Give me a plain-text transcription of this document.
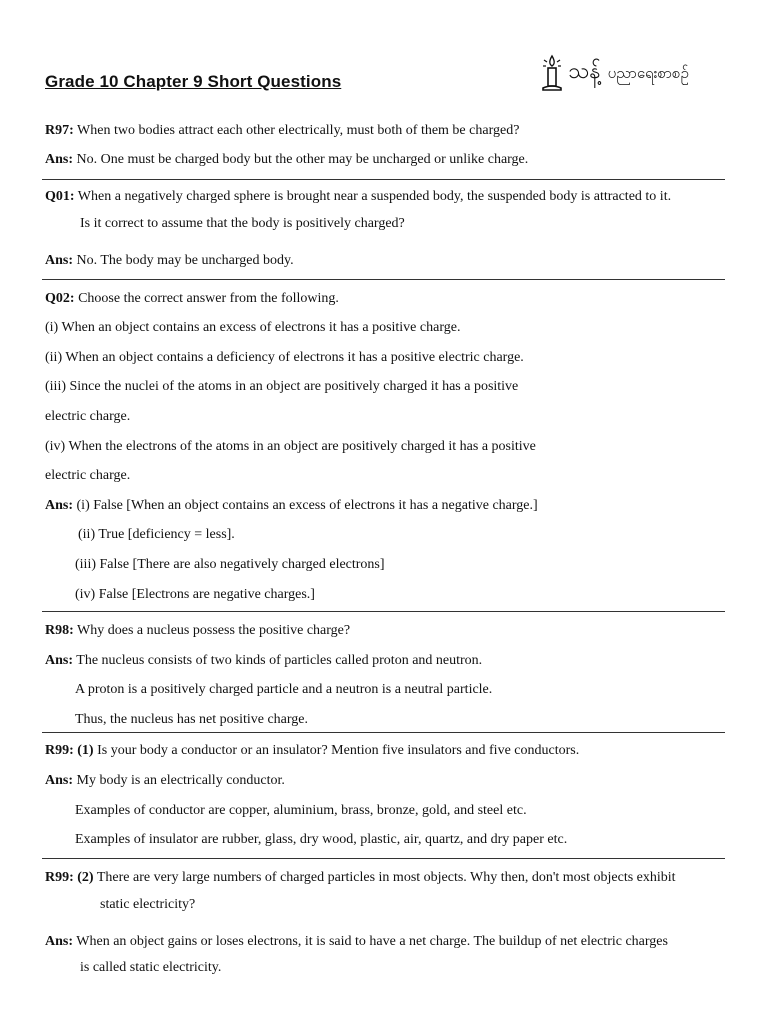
Grade 10 Chapter 9 Short Questions	သန့် ပညာရေးစာစဉ်
R97: When two bodies attract each other electrically, must both of them be charged?
Ans: No. One must be charged body but the other may be uncharged or unlike charge.
Q01: When a negatively charged sphere is brought near a suspended body, the suspended body is attracted to it.
Is it correct to assume that the body is positively charged?
Ans: No. The body may be uncharged body.
Q02: Choose the correct answer from the following.
(i) When an object contains an excess of electrons it has a positive charge.
(ii) When an object contains a deficiency of electrons it has a positive electric charge.
(iii) Since the nuclei of the atoms in an object are positively charged it has a positive
electric charge.
(iv) When the electrons of the atoms in an object are positively charged it has a positive
electric charge.
Ans: (i) False [When an object contains an excess of electrons it has a negative charge.]
(ii) True [deficiency = less].
(iii) False [There are also negatively charged electrons]
(iv) False [Electrons are negative charges.]
R98: Why does a nucleus possess the positive charge?
Ans: The nucleus consists of two kinds of particles called proton and neutron.
A proton is a positively charged particle and a neutron is a neutral particle.
Thus, the nucleus has net positive charge.
R99: (1) Is your body a conductor or an insulator? Mention five insulators and five conductors.
Ans: My body is an electrically conductor.
Examples of conductor are copper, aluminium, brass, bronze, gold, and steel etc.
Examples of insulator are rubber, glass, dry wood, plastic, air, quartz, and dry paper etc.
R99: (2) There are very large numbers of charged particles in most objects. Why then, don't most objects exhibit
static electricity?
Ans: When an object gains or loses electrons, it is said to have a net charge. The buildup of net electric charges
is called static electricity.
